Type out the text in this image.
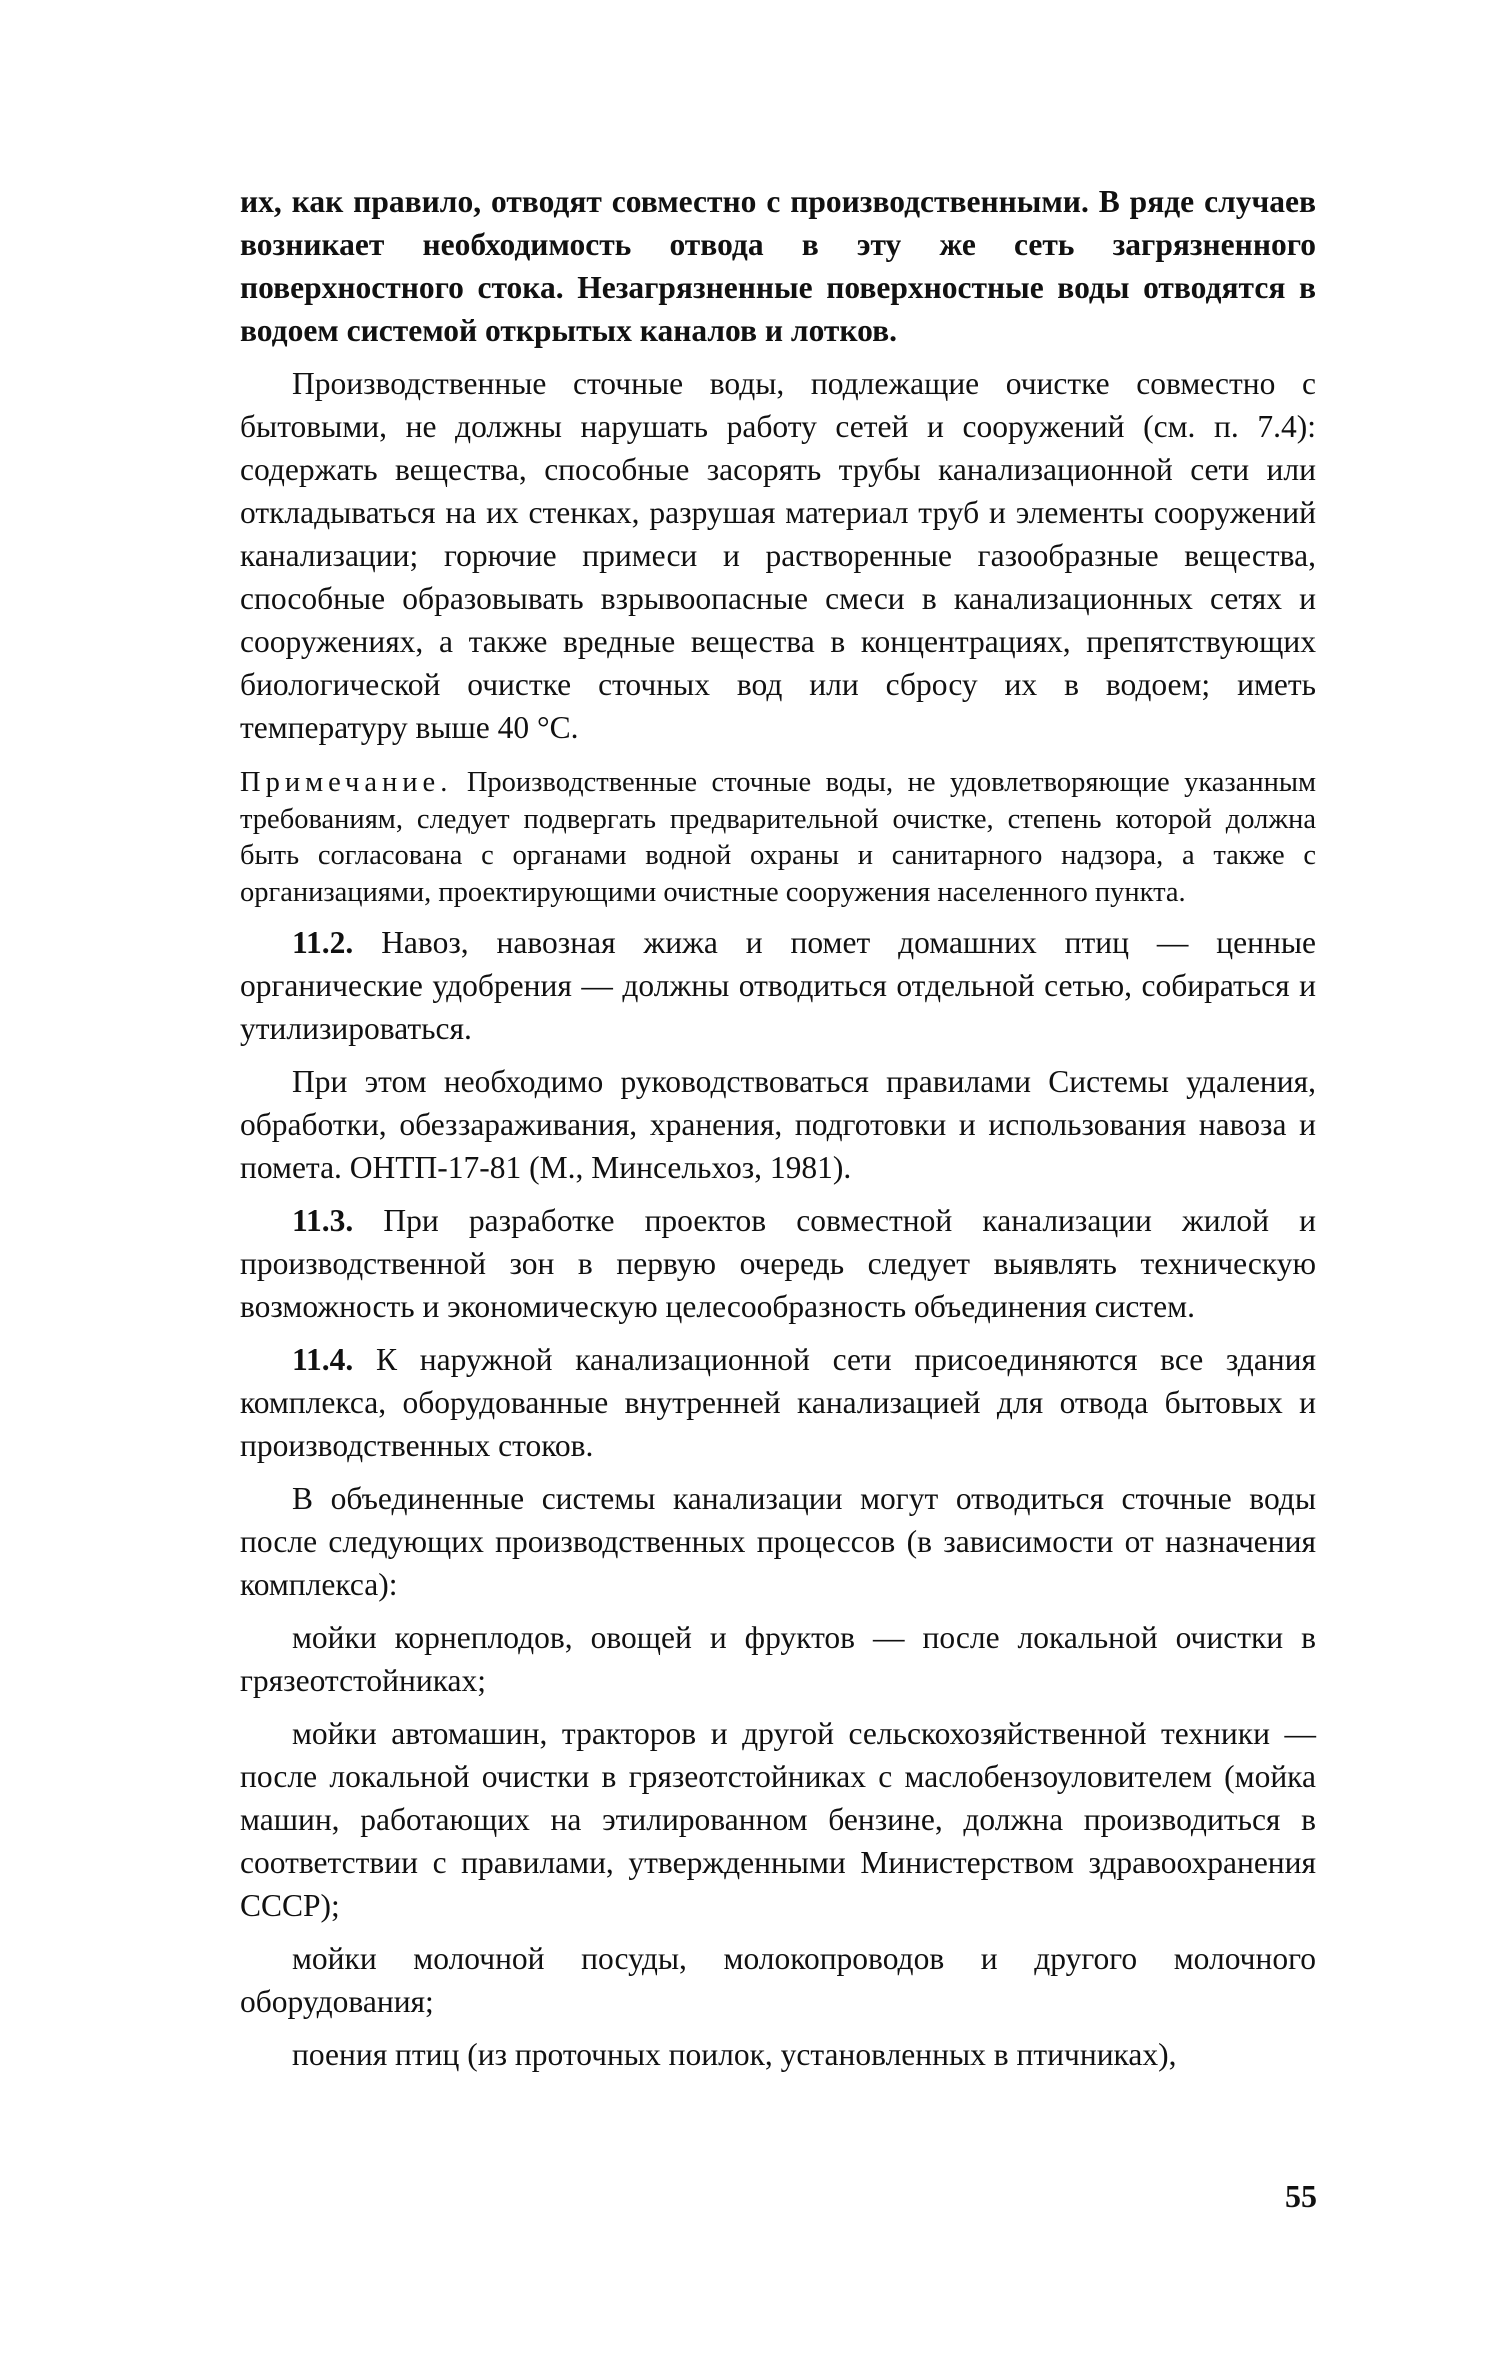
их, как правило, отводят совместно с производственными. В ряде случаев возникает необходимость отвода в эту же сеть загрязненного поверхностного стока. Незагрязненные поверхностные воды отводятся в водоем системой открытых каналов и лотков.

Производственные сточные воды, подлежащие очистке совместно с бытовыми, не должны нарушать работу сетей и сооружений (см. п. 7.4): содержать вещества, способные засорять трубы канализационной сети или откладываться на их стенках, разрушая материал труб и элементы сооружений канализации; горючие примеси и растворенные газообразные вещества, способные образовывать взрывоопасные смеси в канализационных сетях и сооружениях, а также вредные вещества в концентрациях, препятствующих биологической очистке сточных вод или сбросу их в водоем; иметь температуру выше 40 °С.

Примечание. Производственные сточные воды, не удовлетворяющие указанным требованиям, следует подвергать предварительной очистке, степень которой должна быть согласована с органами водной охраны и санитарного надзора, а также с организациями, проектирующими очистные сооружения населенного пункта.

11.2. Навоз, навозная жижа и помет домашних птиц — ценные органические удобрения — должны отводиться отдельной сетью, собираться и утилизироваться.

При этом необходимо руководствоваться правилами Системы удаления, обработки, обеззараживания, хранения, подготовки и использования навоза и помета. ОНТП-17-81 (М., Минсельхоз, 1981).

11.3. При разработке проектов совместной канализации жилой и производственной зон в первую очередь следует выявлять техническую возможность и экономическую целесообразность объединения систем.

11.4. К наружной канализационной сети присоединяются все здания комплекса, оборудованные внутренней канализацией для отвода бытовых и производственных стоков.

В объединенные системы канализации могут отводиться сточные воды после следующих производственных процессов (в зависимости от назначения комплекса):

мойки корнеплодов, овощей и фруктов — после локальной очистки в грязеотстойниках;

мойки автомашин, тракторов и другой сельскохозяйственной техники — после локальной очистки в грязеотстойниках с маслобензоуловителем (мойка машин, работающих на этилированном бензине, должна производиться в соответствии с правилами, утвержденными Министерством здравоохранения СССР);

мойки молочной посуды, молокопроводов и другого молочного оборудования;

поения птиц (из проточных поилок, установленных в птичниках),

55
